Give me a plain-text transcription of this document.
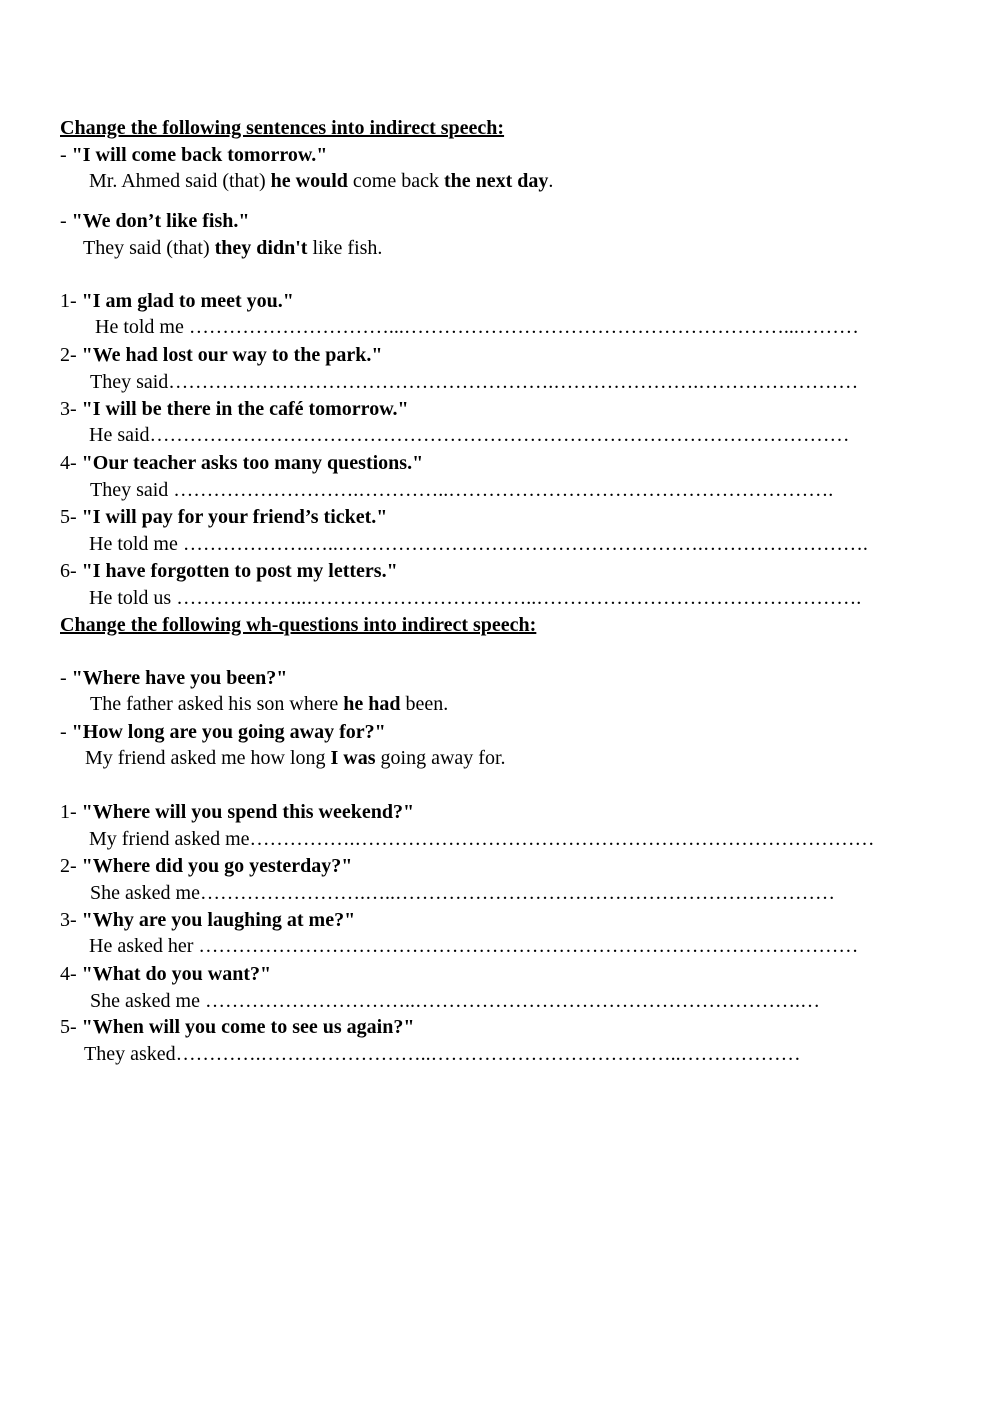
Change the following sentences into indirect speech:
- "I will come back tomorrow."
Mr. Ahmed said (that) he would come back the next day.
- "We don’t like fish."
They said (that) they didn't like fish.
1- "I am glad to meet you."
He told me …………………………...…………………………………………………...………
2- "We had lost our way to the park."
They said………………………………………………….………………….……………………
3- "I will be there in the café tomorrow."
He said……………………………………………………………………………………………
4- "Our teacher asks too many questions."
They said ……………………….…………..………………………………………………….
5- "I will pay for your friend’s ticket."
He told me ……………….…..……………………………………………….…………………….
6- "I have forgotten to post my letters."
He told us ………………..……………………………..………………………………………….
Change the following wh-questions into indirect speech:
- "Where have you been?"
The father asked his son where he had been.
- "How long are you going away for?"
My friend asked me how long I was going away for.
1- "Where will you spend this weekend?"
My friend asked me…………….……………………………………………………………………
2- "Where did you go yesterday?"
She asked me…………………….…..…………………………………………………………
3- "Why are you laughing at me?"
He asked her ………………………………………………………………………………………
4- "What do you want?"
She asked me …………………………..………………………………………………….…
5- "When will you come to see us again?"
They asked………….……………………..………………………………..………………
